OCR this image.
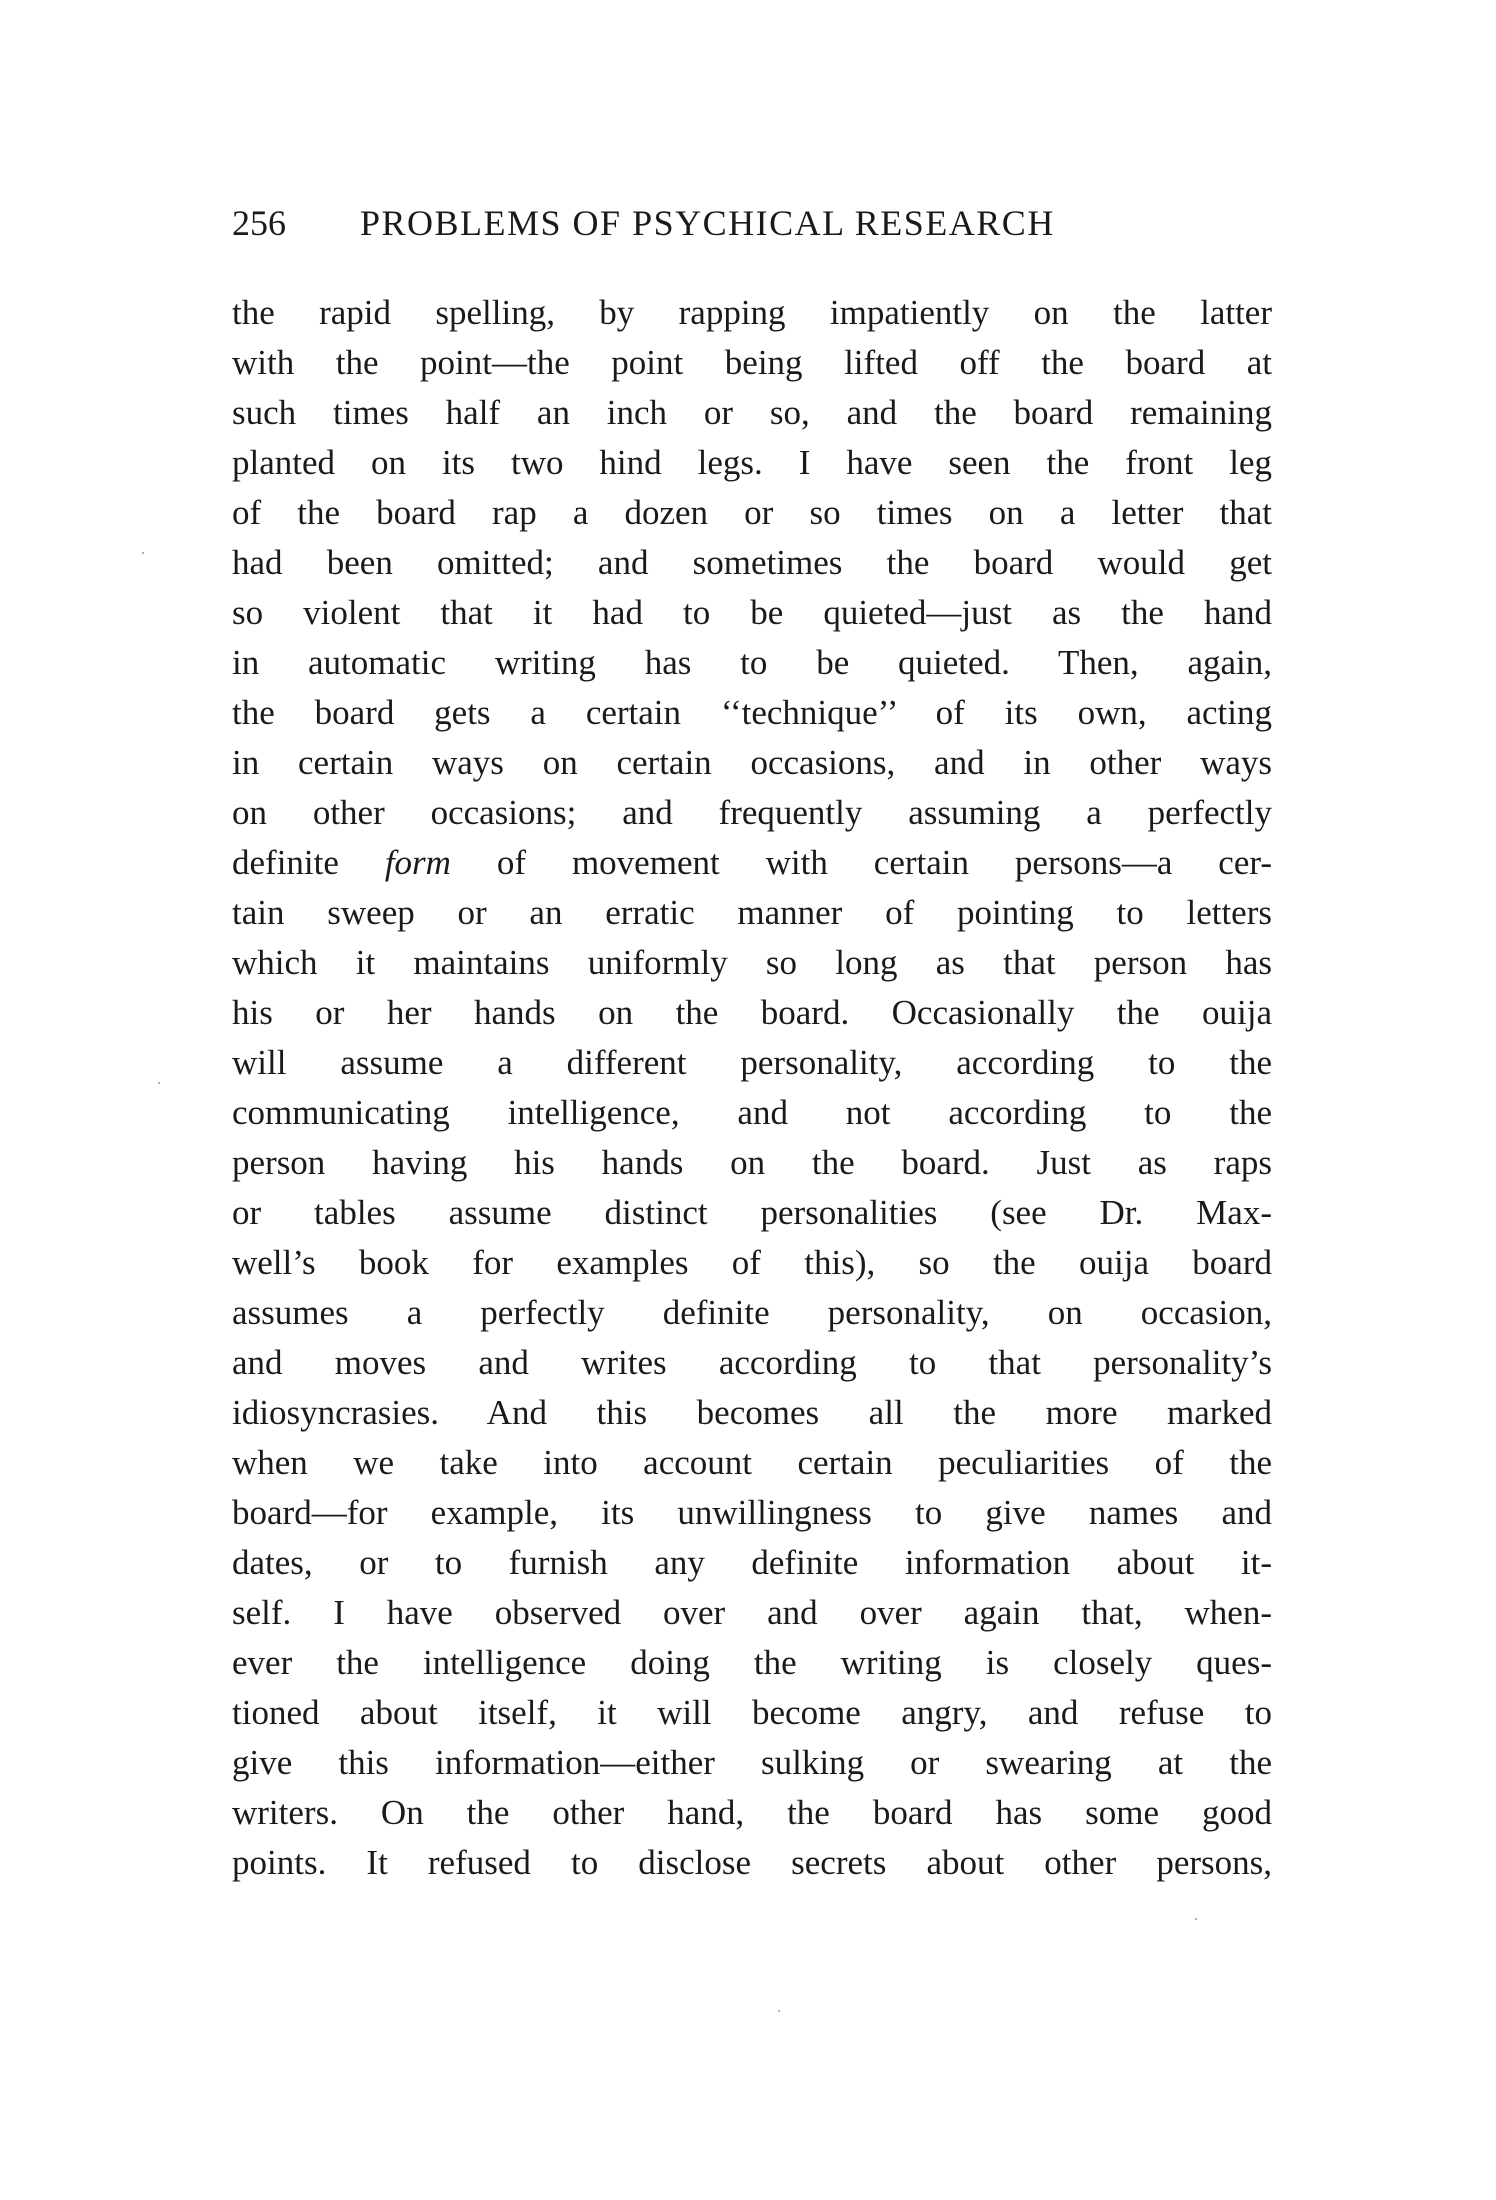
256 PROBLEMS OF PSYCHICAL RESEARCH
the rapid spelling, by rapping impatiently on the latter
with the point—the point being lifted off the board at
such times half an inch or so, and the board remaining
planted on its two hind legs. I have seen the front leg
of the board rap a dozen or so times on a letter that
had been omitted; and sometimes the board would get
so violent that it had to be quieted—just as the hand
in automatic writing has to be quieted. Then, again,
the board gets a certain ‘‘technique’’ of its own, acting
in certain ways on certain occasions, and in other ways
on other occasions; and frequently assuming a perfectly
definite form of movement with certain persons—a cer-
tain sweep or an erratic manner of pointing to letters
which it maintains uniformly so long as that person has
his or her hands on the board. Occasionally the ouija
will assume a different personality, according to the
communicating intelligence, and not according to the
person having his hands on the board. Just as raps
or tables assume distinct personalities (see Dr. Max-
well’s book for examples of this), so the ouija board
assumes a perfectly definite personality, on occasion,
and moves and writes according to that personality’s
idiosyncrasies. And this becomes all the more marked
when we take into account certain peculiarities of the
board—for example, its unwillingness to give names and
dates, or to furnish any definite information about it-
self. I have observed over and over again that, when-
ever the intelligence doing the writing is closely ques-
tioned about itself, it will become angry, and refuse to
give this information—either sulking or swearing at the
writers. On the other hand, the board has some good
points. It refused to disclose secrets about other persons,
